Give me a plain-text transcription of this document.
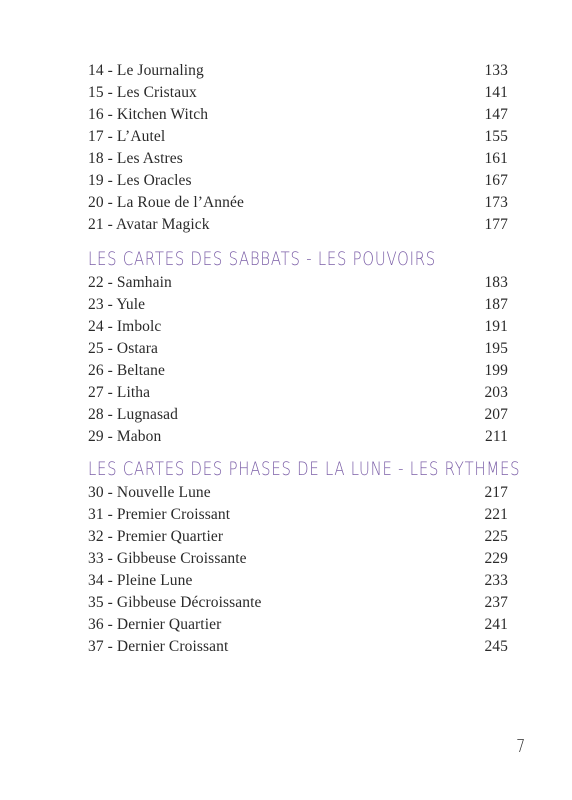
14 - Le Journaling	133
15 - Les Cristaux	141
16 - Kitchen Witch	147
17 - L’Autel	155
18 - Les Astres	161
19 - Les Oracles	167
20 - La Roue de l’Année	173
21 - Avatar Magick	177
LES CARTES DES SABBATS - LES POUVOIRS
22 - Samhain	183
23 - Yule	187
24 - Imbolc	191
25 - Ostara	195
26 - Beltane	199
27 - Litha	203
28 - Lugnasad	207
29 - Mabon	211
LES CARTES DES PHASES DE LA LUNE - LES RYTHMES
30 - Nouvelle Lune	217
31 - Premier Croissant	221
32 - Premier Quartier	225
33 - Gibbeuse Croissante	229
34 - Pleine Lune	233
35 - Gibbeuse Décroissante	237
36 - Dernier Quartier	241
37 - Dernier Croissant	245
7
